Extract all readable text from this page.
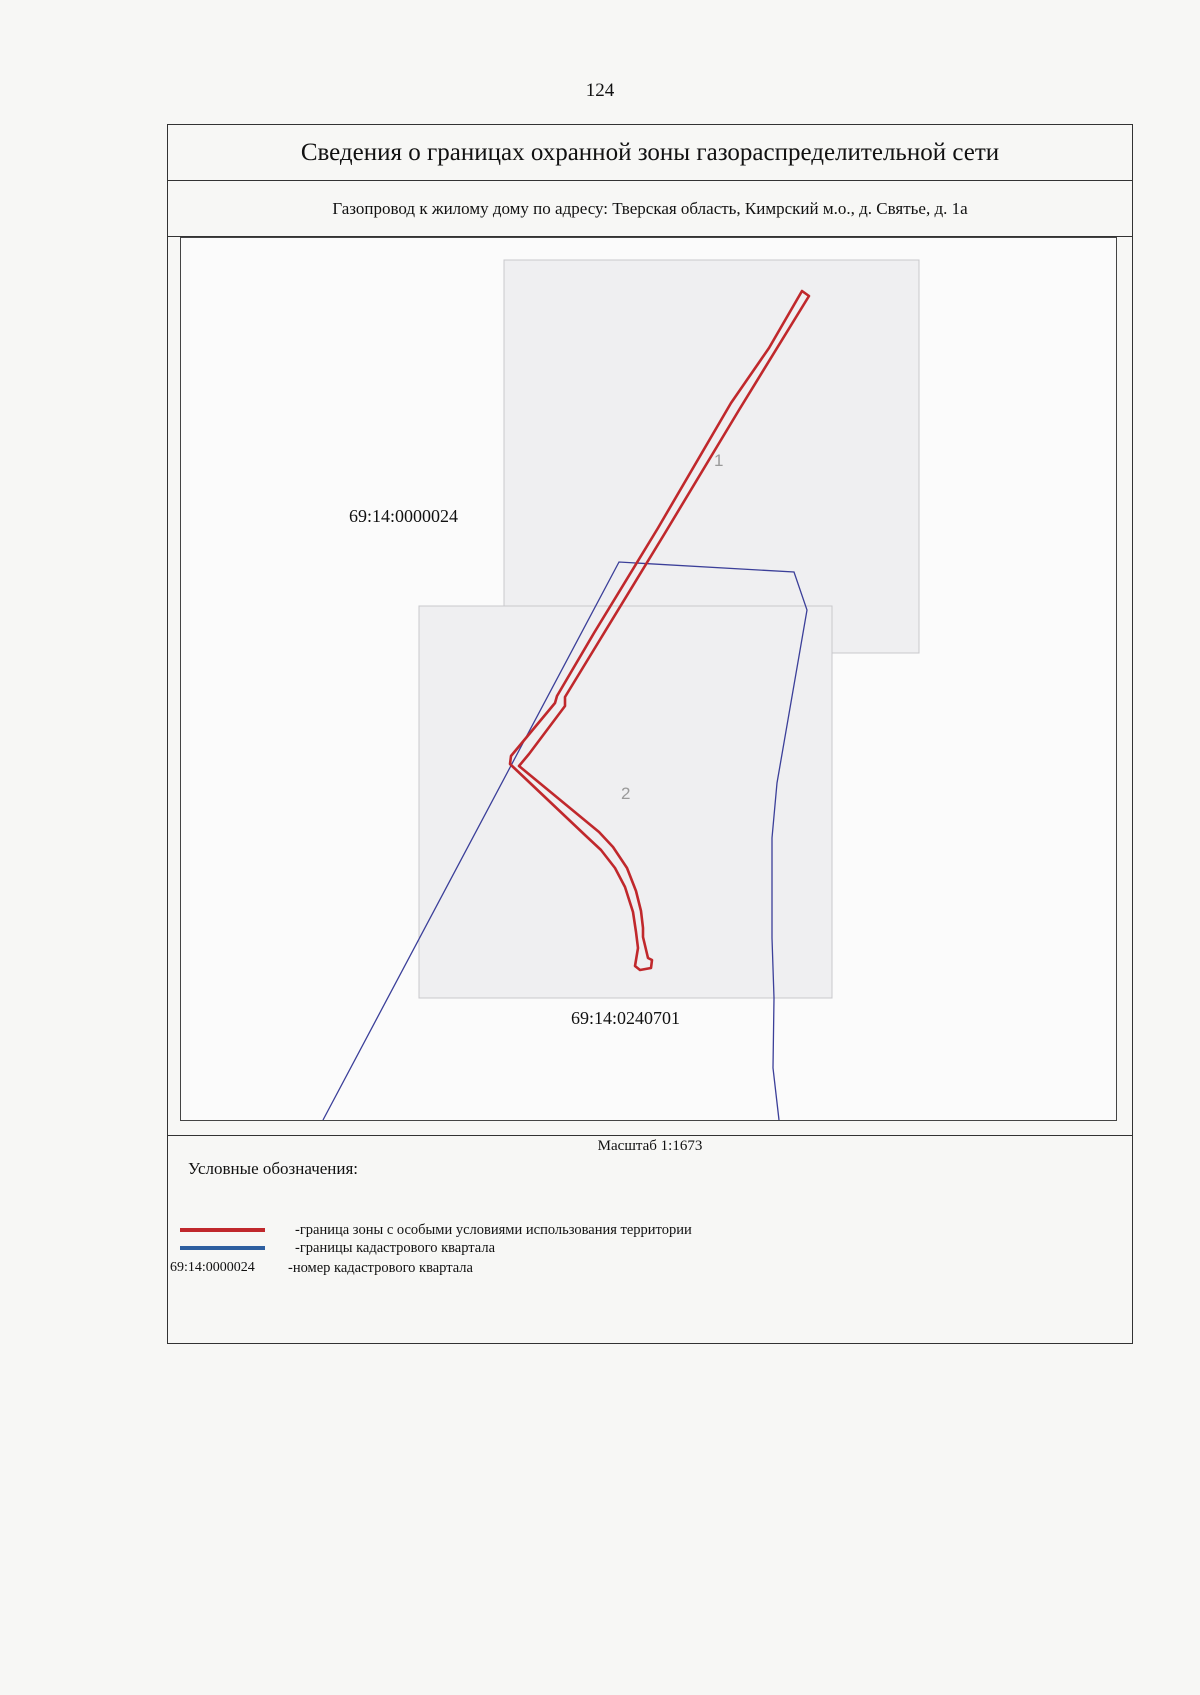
124
Сведения о границах охранной зоны газораспределительной сети
Газопровод к жилому дому по адресу: Тверская область, Кимрский м.о., д. Святье, д. 1а
1
2
69:14:0000024
69:14:0240701
Масштаб 1:1673
Условные обозначения:
-граница зоны с особыми условиями использования территории
-границы кадастрового квартала
69:14:0000024	-номер кадастрового квартала
